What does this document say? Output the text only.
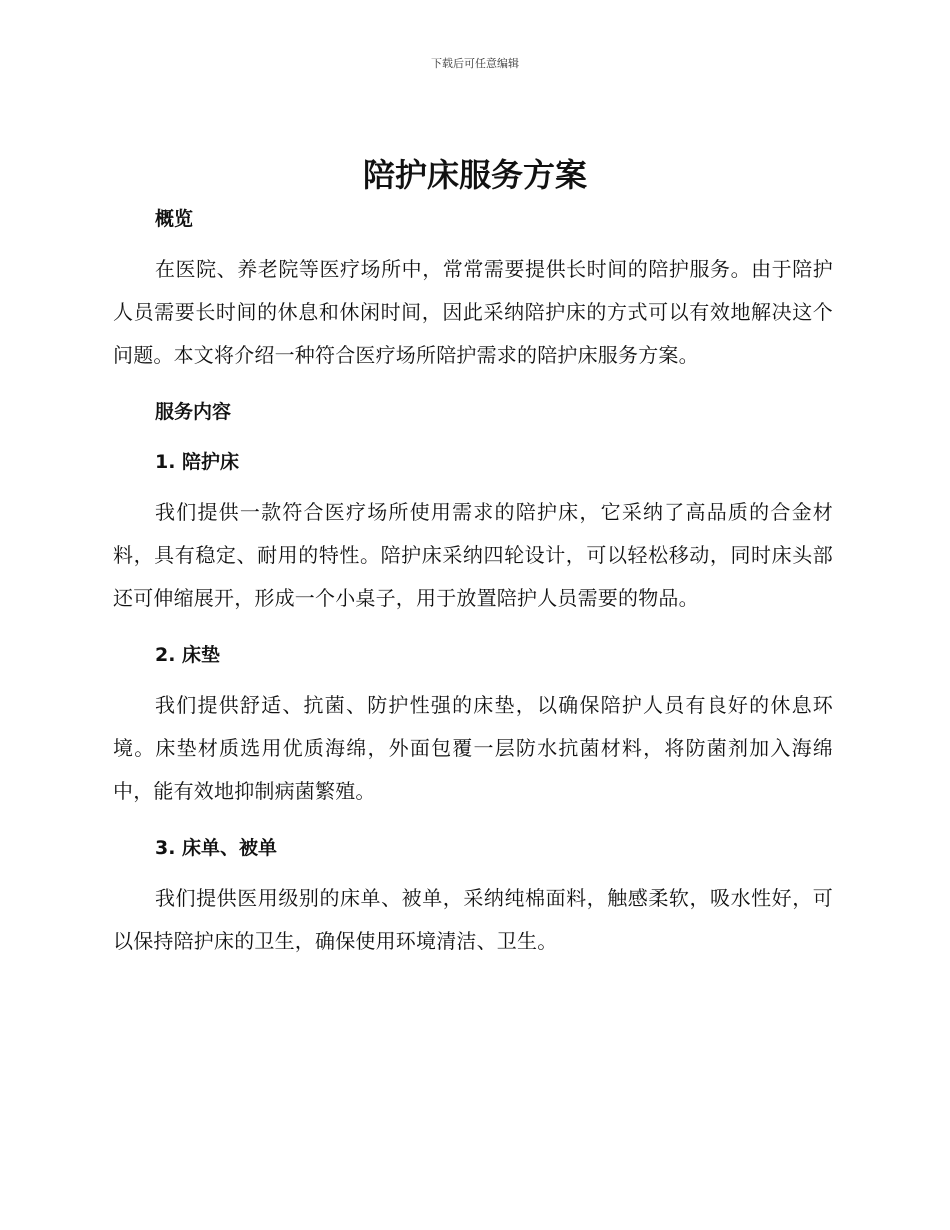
下载后可任意编辑
陪护床服务方案

概览

在医院、养老院等医疗场所中，常常需要提供长时间的陪护服务。由于陪护人员需要长时间的休息和休闲时间，因此采纳陪护床的方式可以有效地解决这个问题。本文将介绍一种符合医疗场所陪护需求的陪护床服务方案。

服务内容

1. 陪护床

我们提供一款符合医疗场所使用需求的陪护床，它采纳了高品质的合金材料，具有稳定、耐用的特性。陪护床采纳四轮设计，可以轻松移动，同时床头部还可伸缩展开，形成一个小桌子，用于放置陪护人员需要的物品。

2. 床垫

我们提供舒适、抗菌、防护性强的床垫，以确保陪护人员有良好的休息环境。床垫材质选用优质海绵，外面包覆一层防水抗菌材料，将防菌剂加入海绵中，能有效地抑制病菌繁殖。

3. 床单、被单

我们提供医用级别的床单、被单，采纳纯棉面料，触感柔软，吸水性好，可以保持陪护床的卫生，确保使用环境清洁、卫生。
